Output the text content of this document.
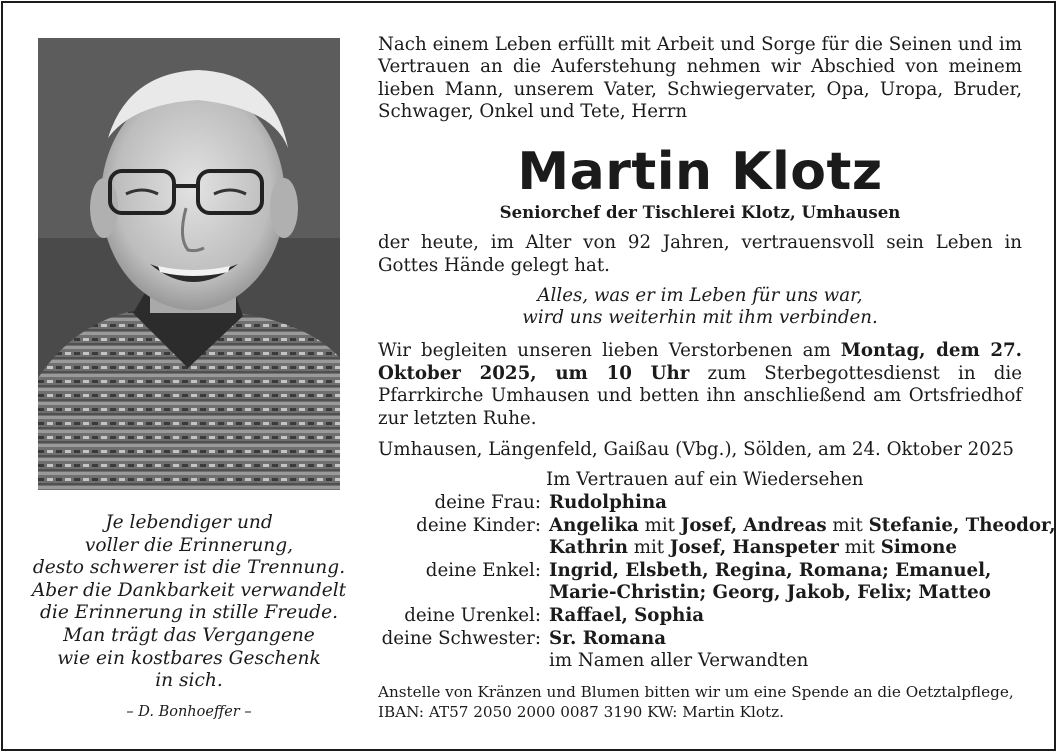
Je lebendiger und
voller die Erinnerung,
desto schwerer ist die Trennung.
Aber die Dankbarkeit verwandelt
die Erinnerung in stille Freude.
Man trägt das Vergangene
wie ein kostbares Geschenk
in sich.
– D. Bonhoeffer –
Nach einem Leben erfüllt mit Arbeit und Sorge für die Seinen und im Vertrauen an die Auferstehung nehmen wir Abschied von meinem lieben Mann, unserem Vater, Schwiegervater, Opa, Uropa, Bruder, Schwager, Onkel und Tete, Herrn
Martin Klotz
Seniorchef der Tischlerei Klotz, Umhausen
der heute, im Alter von 92 Jahren, vertrauensvoll sein Leben in Gottes Hände gelegt hat.
Alles, was er im Leben für uns war,
wird uns weiterhin mit ihm verbinden.
Wir begleiten unseren lieben Verstorbenen am Montag, dem 27. Oktober 2025, um 10 Uhr zum Sterbegottesdienst in die Pfarrkirche Umhausen und betten ihn anschließend am Ortsfriedhof zur letzten Ruhe.
Umhausen, Längenfeld, Gaißau (Vbg.), Sölden, am 24. Oktober 2025
Im Vertrauen auf ein Wiedersehen
deine Frau: Rudolphina
deine Kinder: Angelika mit Josef, Andreas mit Stefanie, Theodor,
Kathrin mit Josef, Hanspeter mit Simone
deine Enkel: Ingrid, Elsbeth, Regina, Romana; Emanuel,
Marie-Christin; Georg, Jakob, Felix; Matteo
deine Urenkel: Raffael, Sophia
deine Schwester: Sr. Romana
im Namen aller Verwandten
Anstelle von Kränzen und Blumen bitten wir um eine Spende an die Oetztalpflege,
IBAN: AT57 2050 2000 0087 3190 KW: Martin Klotz.
